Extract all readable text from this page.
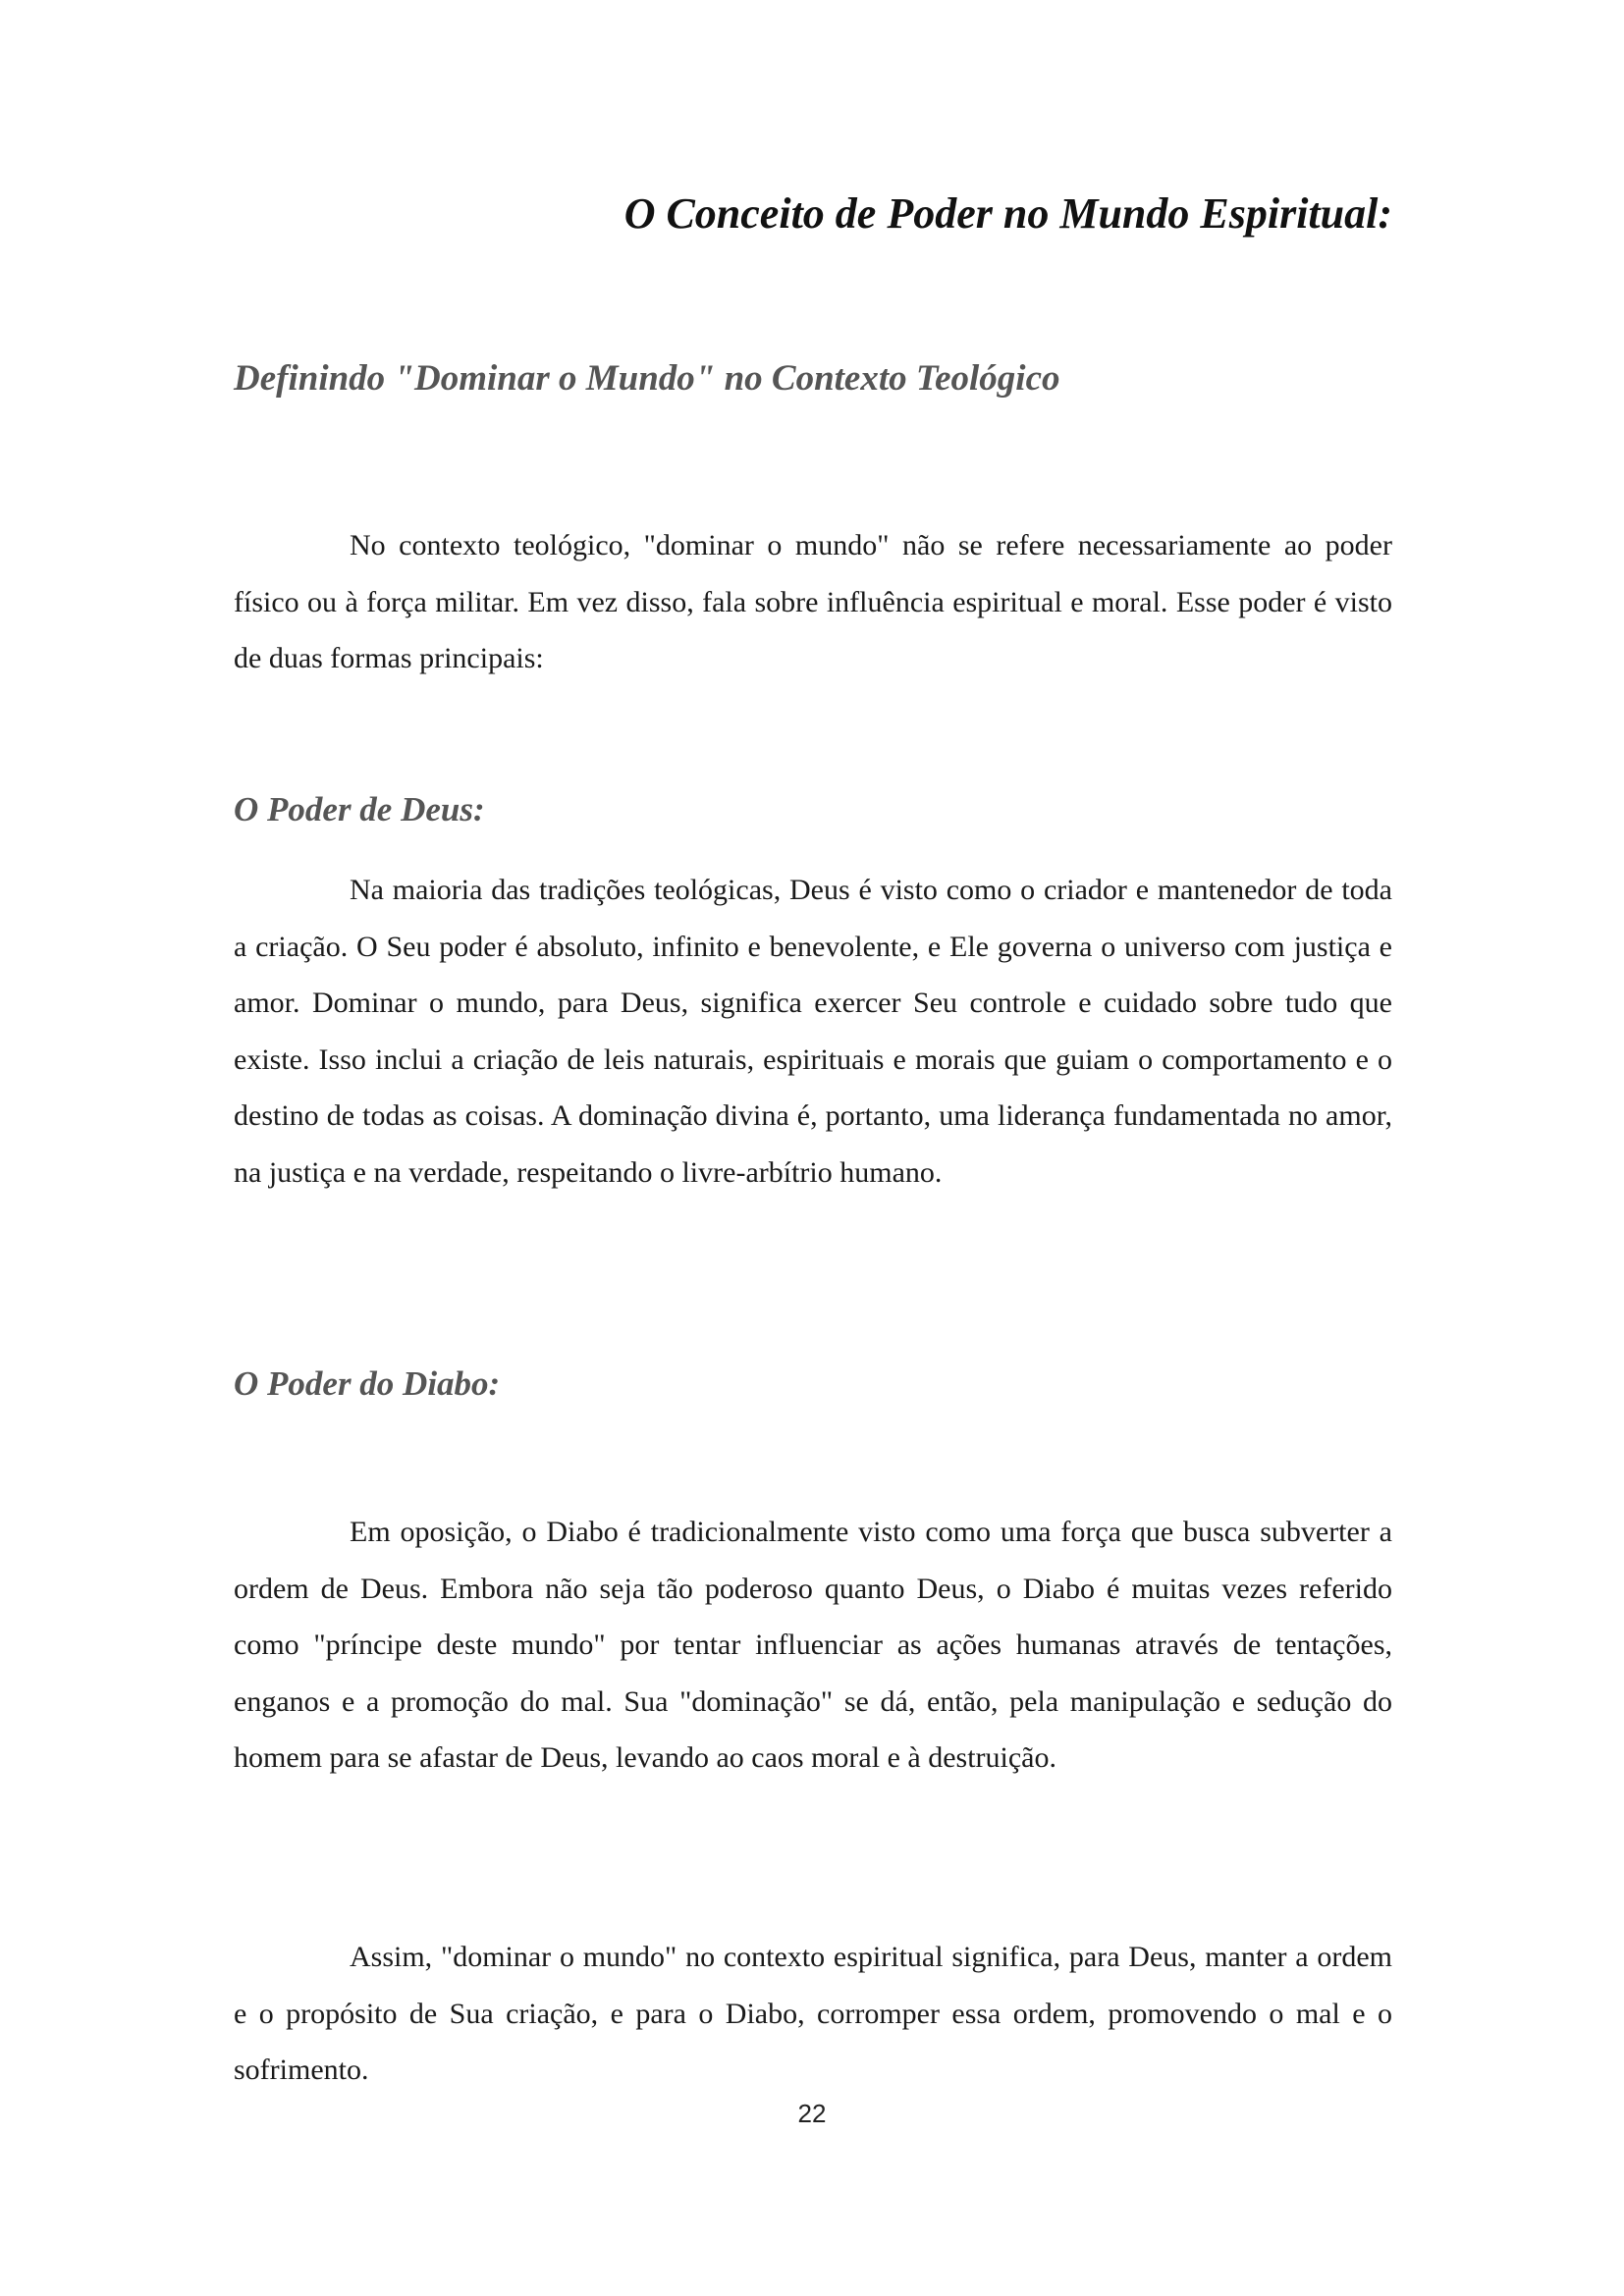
O Conceito de Poder no Mundo Espiritual:
Definindo "Dominar o Mundo" no Contexto Teológico

No contexto teológico, "dominar o mundo" não se refere necessariamente ao poder físico ou à força militar. Em vez disso, fala sobre influência espiritual e moral. Esse poder é visto de duas formas principais:

O Poder de Deus:

Na maioria das tradições teológicas, Deus é visto como o criador e mantenedor de toda a criação. O Seu poder é absoluto, infinito e benevolente, e Ele governa o universo com justiça e amor. Dominar o mundo, para Deus, significa exercer Seu controle e cuidado sobre tudo que existe. Isso inclui a criação de leis naturais, espirituais e morais que guiam o comportamento e o destino de todas as coisas. A dominação divina é, portanto, uma liderança fundamentada no amor, na justiça e na verdade, respeitando o livre-arbítrio humano.

O Poder do Diabo:

Em oposição, o Diabo é tradicionalmente visto como uma força que busca subverter a ordem de Deus. Embora não seja tão poderoso quanto Deus, o Diabo é muitas vezes referido como "príncipe deste mundo" por tentar influenciar as ações humanas através de tentações, enganos e a promoção do mal. Sua "dominação" se dá, então, pela manipulação e sedução do homem para se afastar de Deus, levando ao caos moral e à destruição.

Assim, "dominar o mundo" no contexto espiritual significa, para Deus, manter a ordem e o propósito de Sua criação, e para o Diabo, corromper essa ordem, promovendo o mal e o sofrimento.

22
